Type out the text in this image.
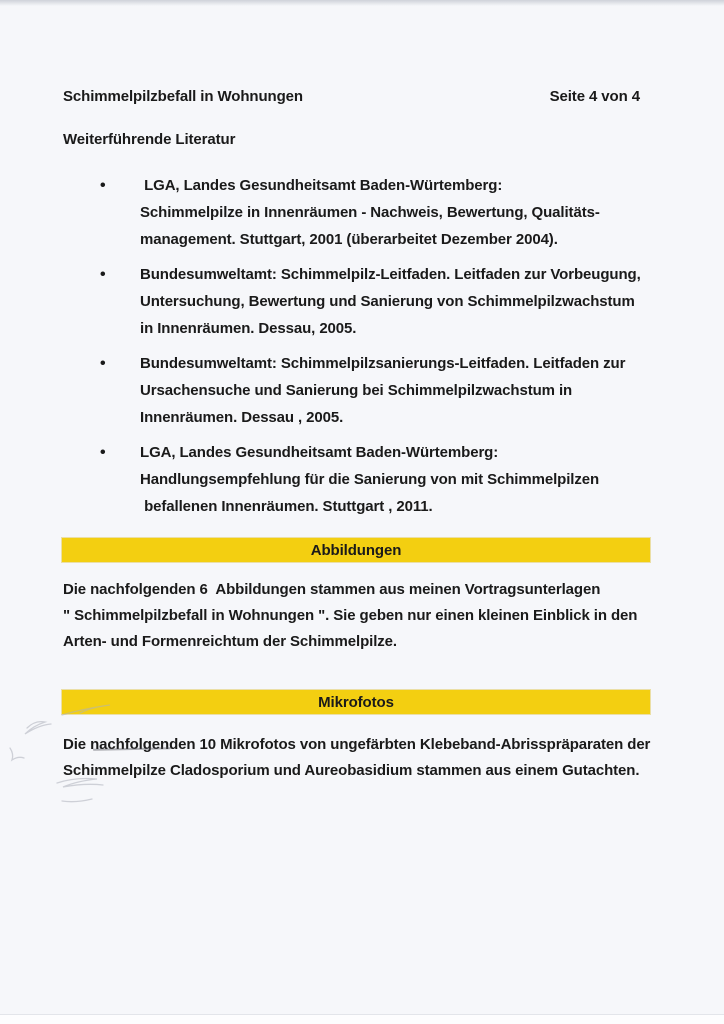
Schimmelpilzbefall in Wohnungen	Seite 4 von 4
Weiterführende Literatur
•	LGA, Landes Gesundheitsamt Baden-Würtemberg:
Schimmelpilze in Innenräumen - Nachweis, Bewertung, Qualitäts-
management. Stuttgart, 2001 (überarbeitet Dezember 2004).
•	Bundesumweltamt: Schimmelpilz-Leitfaden. Leitfaden zur Vorbeugung,
Untersuchung, Bewertung und Sanierung von Schimmelpilzwachstum
in Innenräumen. Dessau, 2005.
•	Bundesumweltamt: Schimmelpilzsanierungs-Leitfaden. Leitfaden zur
Ursachensuche und Sanierung bei Schimmelpilzwachstum in
Innenräumen. Dessau , 2005.
•	LGA, Landes Gesundheitsamt Baden-Würtemberg:
Handlungsempfehlung für die Sanierung von mit Schimmelpilzen
befallenen Innenräumen. Stuttgart , 2011.
Abbildungen
Die nachfolgenden 6  Abbildungen stammen aus meinen Vortragsunterlagen
" Schimmelpilzbefall in Wohnungen ". Sie geben nur einen kleinen Einblick in den
Arten- und Formenreichtum der Schimmelpilze.
Mikrofotos
Die nachfolgenden 10 Mikrofotos von ungefärbten Klebeband-Abrisspräparaten der
Schimmelpilze Cladosporium und Aureobasidium stammen aus einem Gutachten.
